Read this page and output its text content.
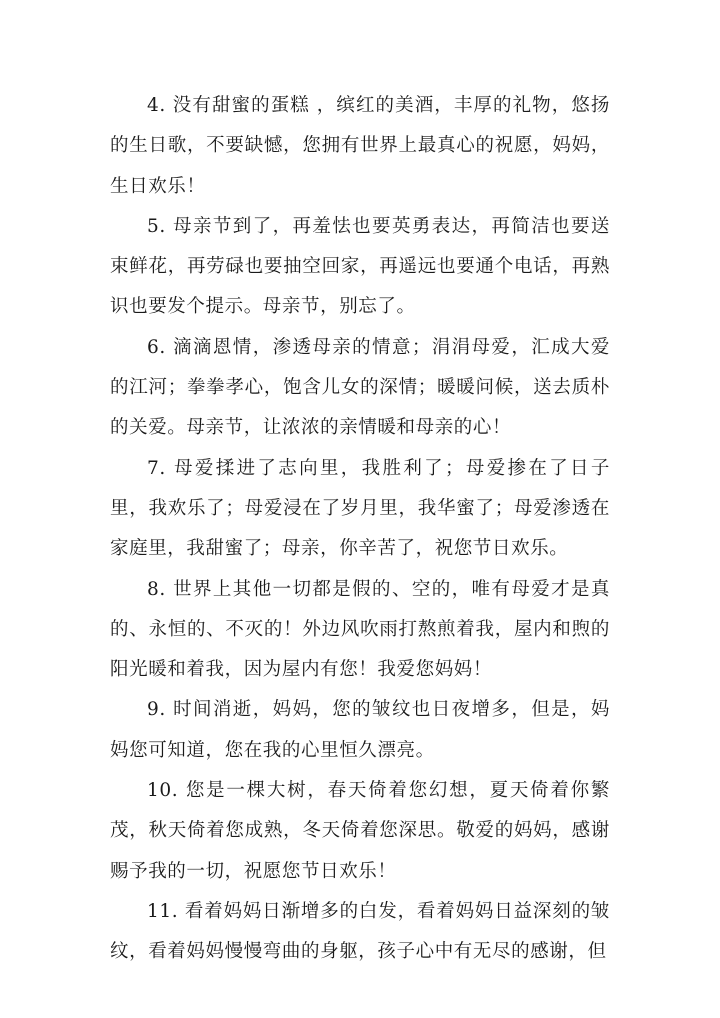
4. 没有甜蜜的蛋糕 ，缤红的美酒，丰厚的礼物，悠扬的生日歌，不要缺憾，您拥有世界上最真心的祝愿，妈妈，生日欢乐！

5. 母亲节到了，再羞怯也要英勇表达，再简洁也要送束鲜花，再劳碌也要抽空回家，再遥远也要通个电话，再熟识也要发个提示。母亲节，别忘了。

6. 滴滴恩情，渗透母亲的情意；涓涓母爱，汇成大爱的江河；拳拳孝心，饱含儿女的深情；暖暖问候，送去质朴的关爱。母亲节，让浓浓的亲情暖和母亲的心！

7. 母爱揉进了志向里，我胜利了；母爱掺在了日子里，我欢乐了；母爱浸在了岁月里，我华蜜了；母爱渗透在家庭里，我甜蜜了；母亲，你辛苦了，祝您节日欢乐。

8. 世界上其他一切都是假的、空的，唯有母爱才是真的、永恒的、不灭的！外边风吹雨打熬煎着我，屋内和煦的阳光暖和着我，因为屋内有您！我爱您妈妈！

9. 时间消逝，妈妈，您的皱纹也日夜增多，但是，妈妈您可知道，您在我的心里恒久漂亮。

10. 您是一棵大树，春天倚着您幻想，夏天倚着你繁茂，秋天倚着您成熟，冬天倚着您深思。敬爱的妈妈，感谢赐予我的一切，祝愿您节日欢乐！

11. 看着妈妈日渐增多的白发，看着妈妈日益深刻的皱纹，看着妈妈慢慢弯曲的身躯，孩子心中有无尽的感谢，但
